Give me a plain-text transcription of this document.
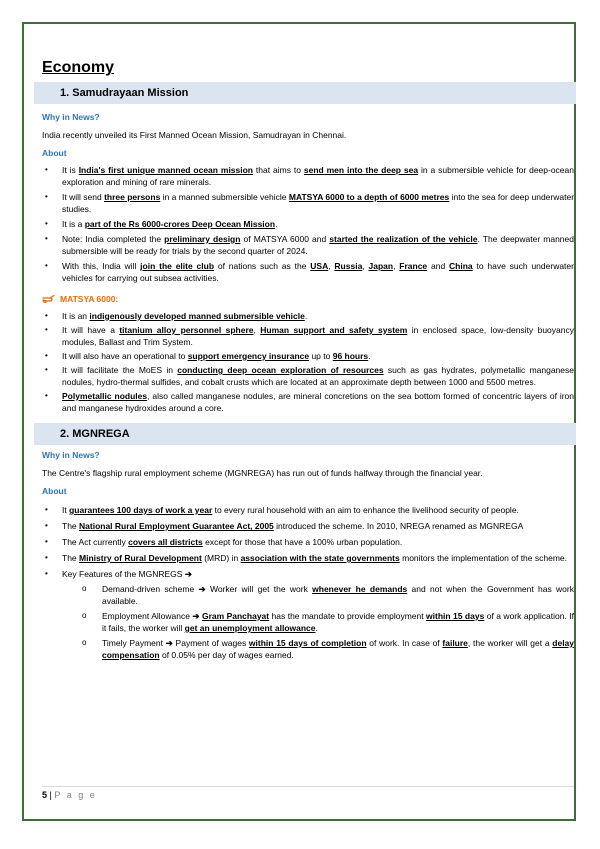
Economy
1. Samudrayaan Mission
Why in News?
India recently unveiled its First Manned Ocean Mission, Samudrayan in Chennai.
About
• It is India's first unique manned ocean mission that aims to send men into the deep sea in a submersible vehicle for deep-ocean exploration and mining of rare minerals.
• It will send three persons in a manned submersible vehicle MATSYA 6000 to a depth of 6000 metres into the sea for deep underwater studies.
• It is a part of the Rs 6000-crores Deep Ocean Mission.
• Note: India completed the preliminary design of MATSYA 6000 and started the realization of the vehicle. The deepwater manned submersible will be ready for trials by the second quarter of 2024.
• With this, India will join the elite club of nations such as the USA, Russia, Japan, France and China to have such underwater vehicles for carrying out subsea activities.
MATSYA 6000:
• It is an indigenously developed manned submersible vehicle.
• It will have a titanium alloy personnel sphere, Human support and safety system in enclosed space, low-density buoyancy modules, Ballast and Trim System.
• It will also have an operational to support emergency insurance up to 96 hours.
• It will facilitate the MoES in conducting deep ocean exploration of resources such as gas hydrates, polymetallic manganese nodules, hydro-thermal sulfides, and cobalt crusts which are located at an approximate depth between 1000 and 5500 metres.
• Polymetallic nodules, also called manganese nodules, are mineral concretions on the sea bottom formed of concentric layers of iron and manganese hydroxides around a core.
2. MGNREGA
Why in News?
The Centre's flagship rural employment scheme (MGNREGA) has run out of funds halfway through the financial year.
About
• It guarantees 100 days of work a year to every rural household with an aim to enhance the livelihood security of people.
• The National Rural Employment Guarantee Act, 2005 introduced the scheme. In 2010, NREGA renamed as MGNREGA
• The Act currently covers all districts except for those that have a 100% urban population.
• The Ministry of Rural Development (MRD) in association with the state governments monitors the implementation of the scheme.
• Key Features of the MGNREGS ➔
o Demand-driven scheme ➔ Worker will get the work whenever he demands and not when the Government has work available.
o Employment Allowance ➔ Gram Panchayat has the mandate to provide employment within 15 days of a work application. If it fails, the worker will get an unemployment allowance.
o Timely Payment ➔ Payment of wages within 15 days of completion of work. In case of failure, the worker will get a delay compensation of 0.05% per day of wages earned.
5 | P a g e
